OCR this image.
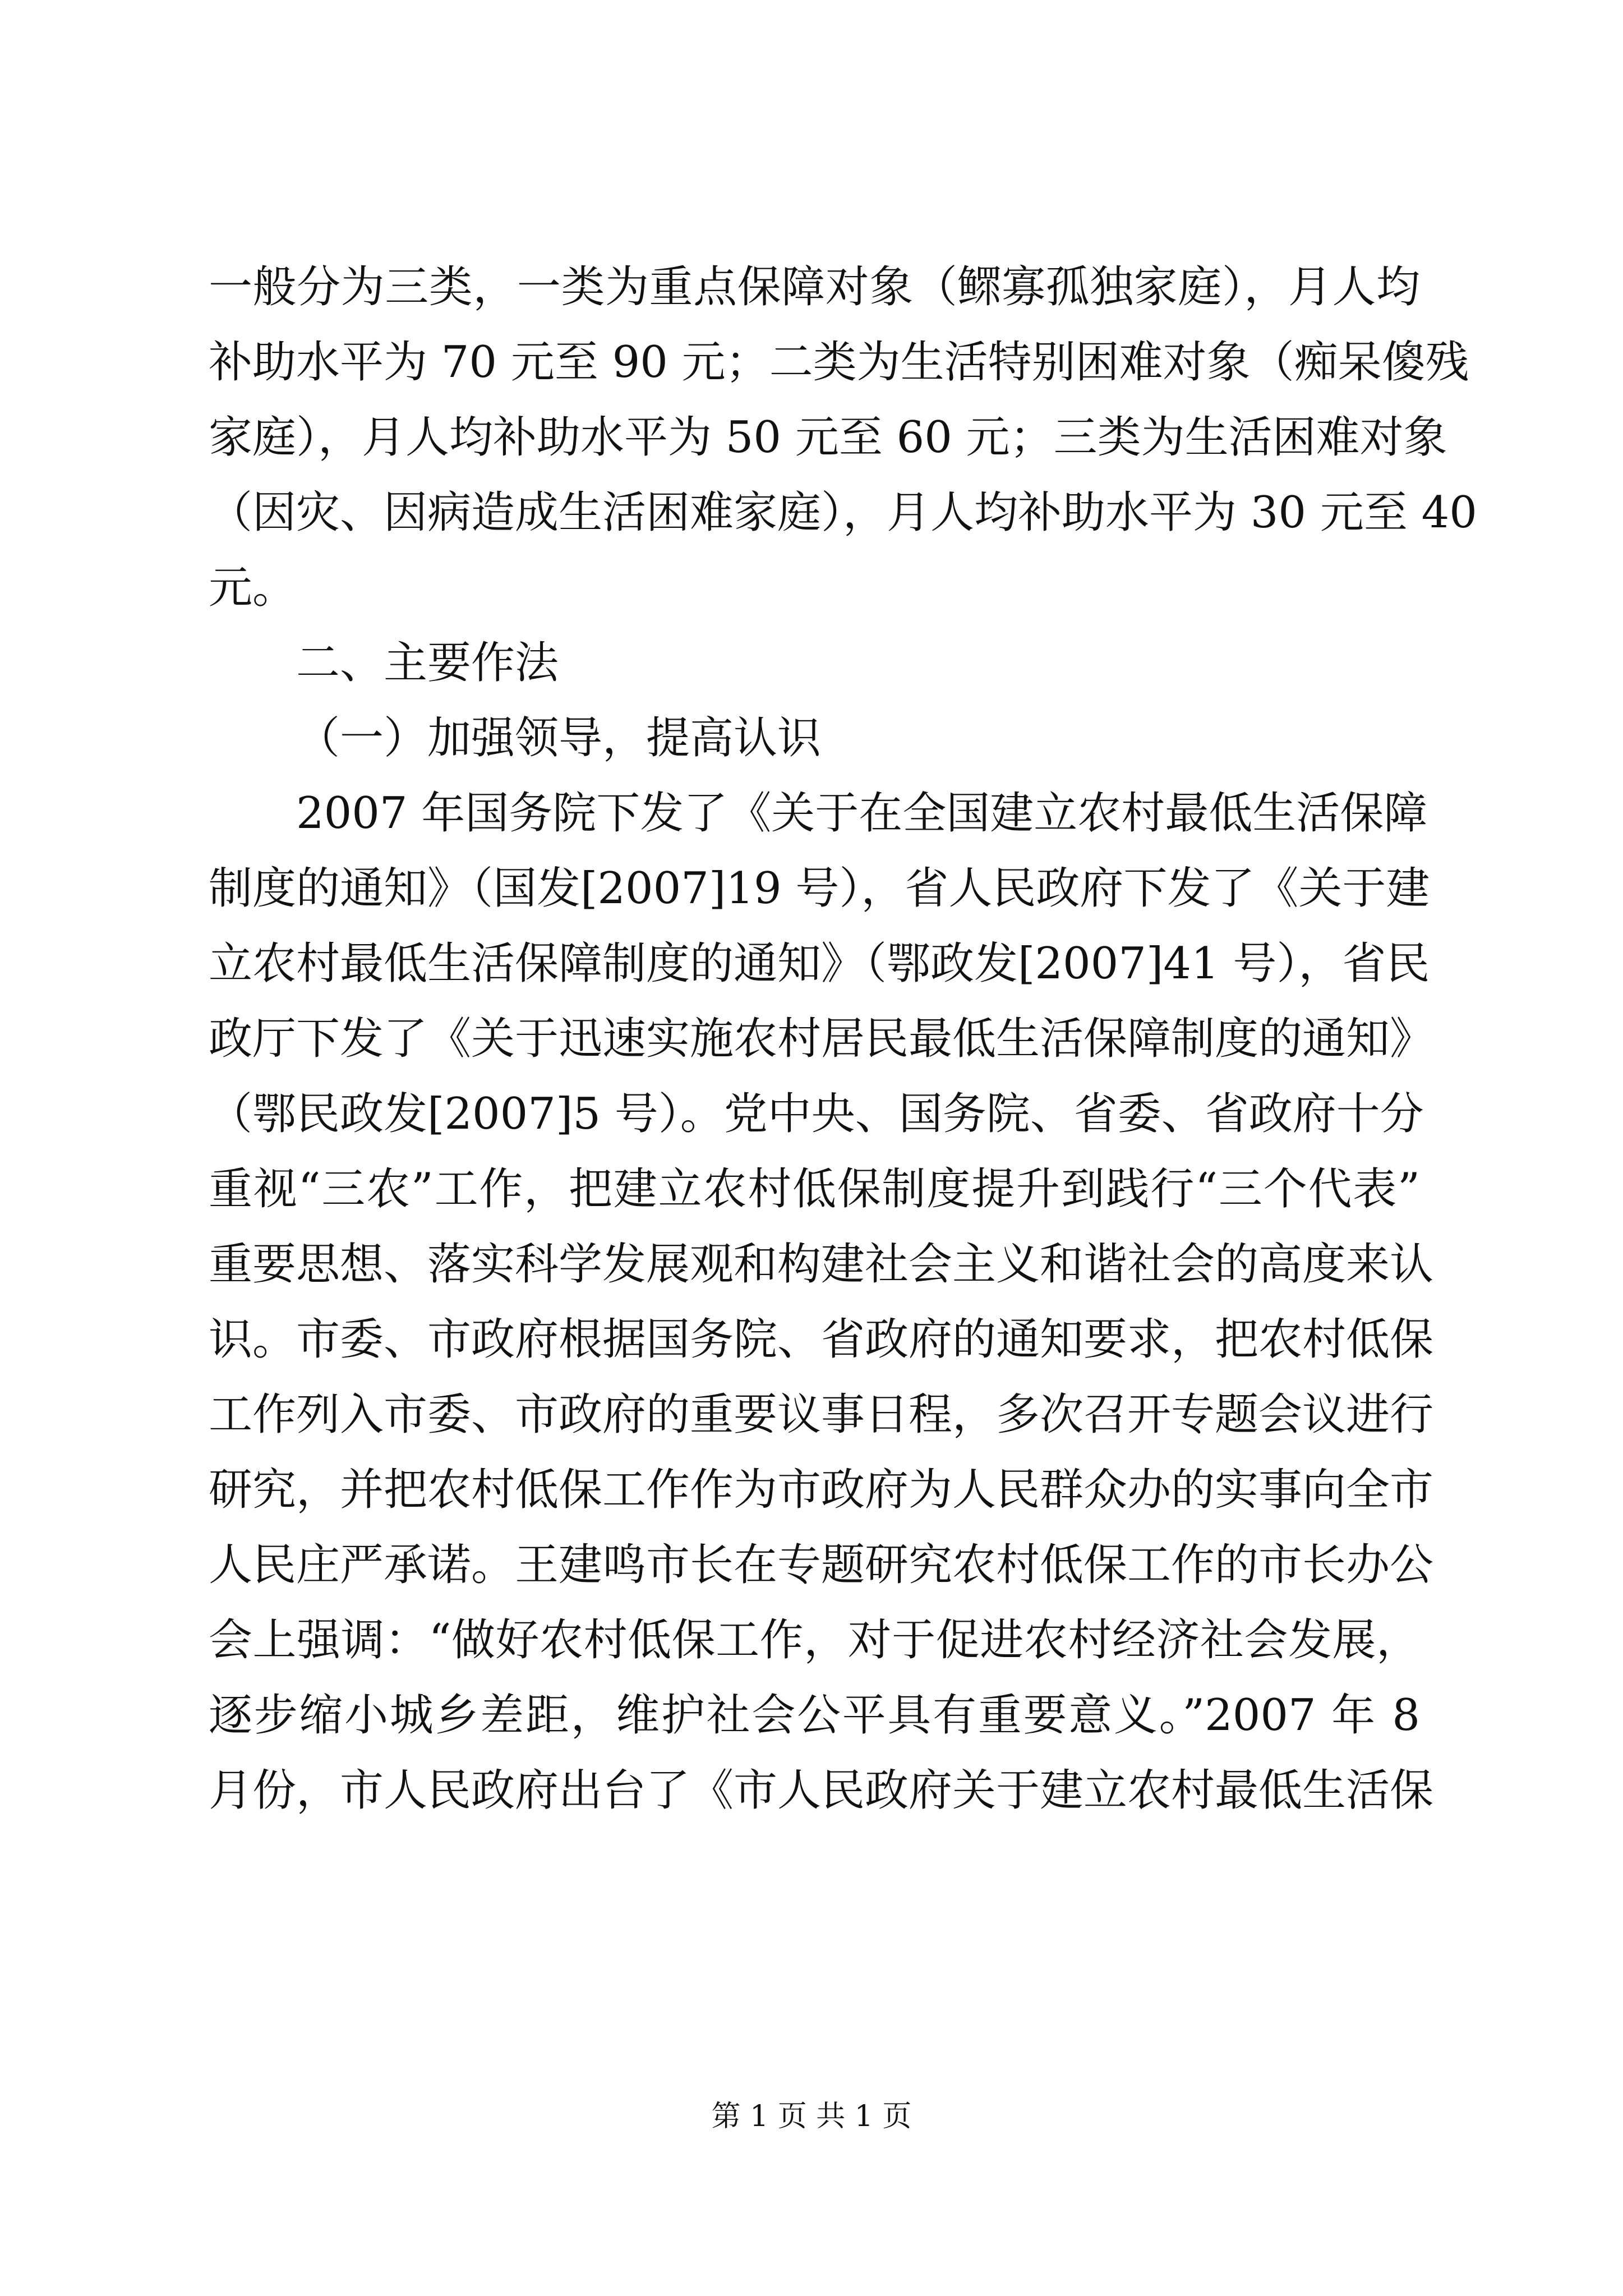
一般分为三类，一类为重点保障对象（鳏寡孤独家庭），月人均
补助水平为 70 元至 90 元；二类为生活特别困难对象（痴呆傻残
家庭），月人均补助水平为 50 元至 60 元；三类为生活困难对象
（因灾、因病造成生活困难家庭），月人均补助水平为 30 元至 40
元。
二、主要作法
（一）加强领导，提高认识
2007 年国务院下发了《关于在全国建立农村最低生活保障
制度的通知》（国发[2007]19 号），省人民政府下发了《关于建
立农村最低生活保障制度的通知》（鄂政发[2007]41 号），省民
政厅下发了《关于迅速实施农村居民最低生活保障制度的通知》
（鄂民政发[2007]5 号）。党中央、国务院、省委、省政府十分
重视“三农”工作，把建立农村低保制度提升到践行“三个代表”
重要思想、落实科学发展观和构建社会主义和谐社会的高度来认
识。市委、市政府根据国务院、省政府的通知要求，把农村低保
工作列入市委、市政府的重要议事日程，多次召开专题会议进行
研究，并把农村低保工作作为市政府为人民群众办的实事向全市
人民庄严承诺。王建鸣市长在专题研究农村低保工作的市长办公
会上强调：“做好农村低保工作，对于促进农村经济社会发展，
逐步缩小城乡差距，维护社会公平具有重要意义。”2007 年 8
月份，市人民政府出台了《市人民政府关于建立农村最低生活保
第 1 页 共 1 页
